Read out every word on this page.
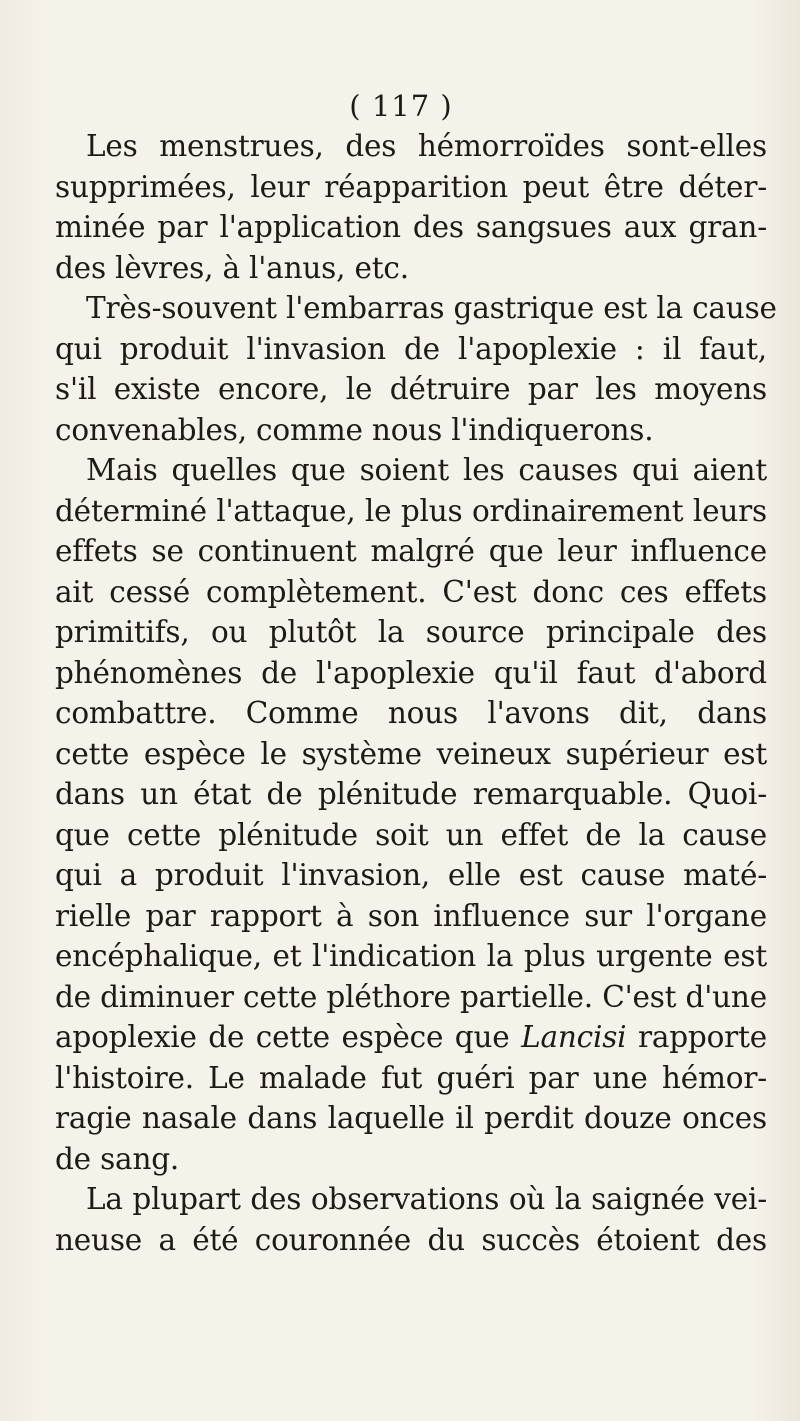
( 117 )
Les menstrues, des hémorroïdes sont-elles
supprimées, leur réapparition peut être déter-
minée par l'application des sangsues aux gran-
des lèvres, à l'anus, etc.
Très-souvent l'embarras gastrique est la cause
qui produit l'invasion de l'apoplexie : il faut,
s'il existe encore, le détruire par les moyens
convenables, comme nous l'indiquerons.
Mais quelles que soient les causes qui aient
déterminé l'attaque, le plus ordinairement leurs
effets se continuent malgré que leur influence
ait cessé complètement. C'est donc ces effets
primitifs, ou plutôt la source principale des
phénomènes de l'apoplexie qu'il faut d'abord
combattre. Comme nous l'avons dit, dans
cette espèce le système veineux supérieur est
dans un état de plénitude remarquable. Quoi-
que cette plénitude soit un effet de la cause
qui a produit l'invasion, elle est cause maté-
rielle par rapport à son influence sur l'organe
encéphalique, et l'indication la plus urgente est
de diminuer cette pléthore partielle. C'est d'une
apoplexie de cette espèce que Lancisi rapporte
l'histoire. Le malade fut guéri par une hémor-
ragie nasale dans laquelle il perdit douze onces
de sang.
La plupart des observations où la saignée vei-
neuse a été couronnée du succès étoient des
